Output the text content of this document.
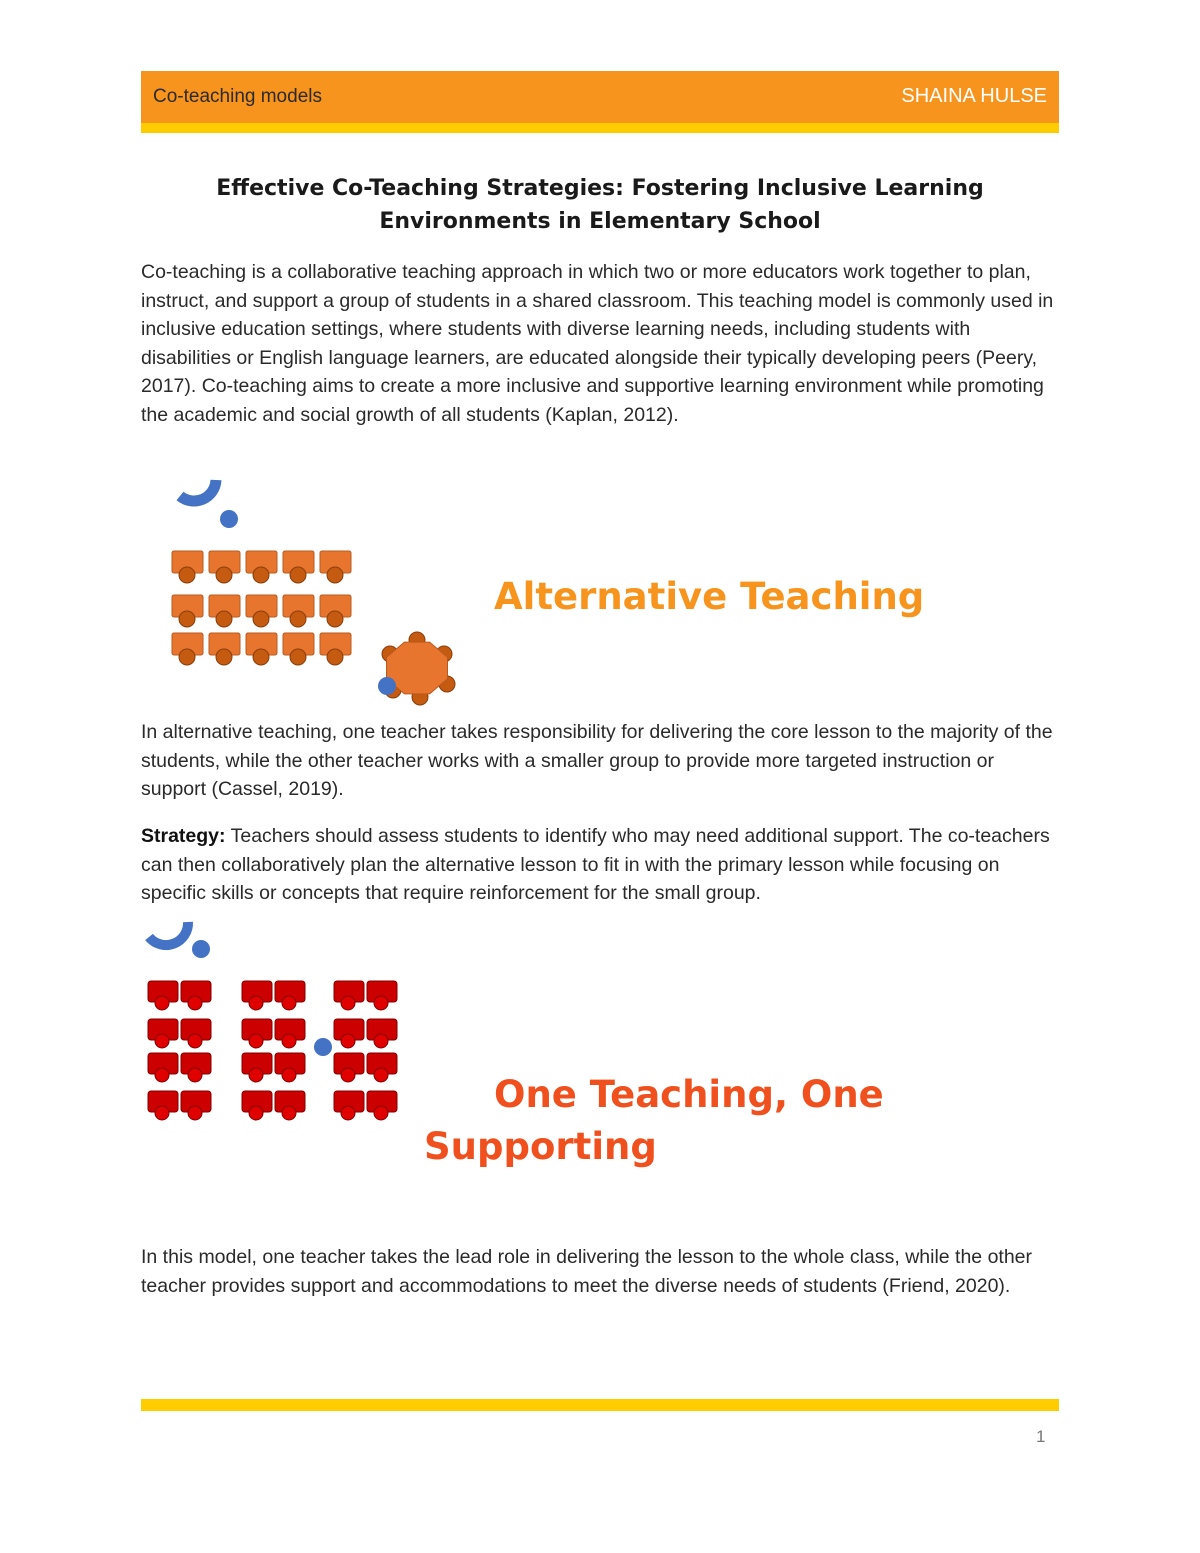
Co-teaching models	SHAINA HULSE
Effective Co-Teaching Strategies: Fostering Inclusive Learning Environments in Elementary School

Co-teaching is a collaborative teaching approach in which two or more educators work together to plan, instruct, and support a group of students in a shared classroom. This teaching model is commonly used in inclusive education settings, where students with diverse learning needs, including students with disabilities or English language learners, are educated alongside their typically developing peers (Peery, 2017). Co-teaching aims to create a more inclusive and supportive learning environment while promoting the academic and social growth of all students (Kaplan, 2012).

Alternative Teaching

In alternative teaching, one teacher takes responsibility for delivering the core lesson to the majority of the students, while the other teacher works with a smaller group to provide more targeted instruction or support (Cassel, 2019).

Strategy: Teachers should assess students to identify who may need additional support. The co-teachers can then collaboratively plan the alternative lesson to fit in with the primary lesson while focusing on specific skills or concepts that require reinforcement for the small group.

One Teaching, One
Supporting

In this model, one teacher takes the lead role in delivering the lesson to the whole class, while the other teacher provides support and accommodations to meet the diverse needs of students (Friend, 2020).

1
